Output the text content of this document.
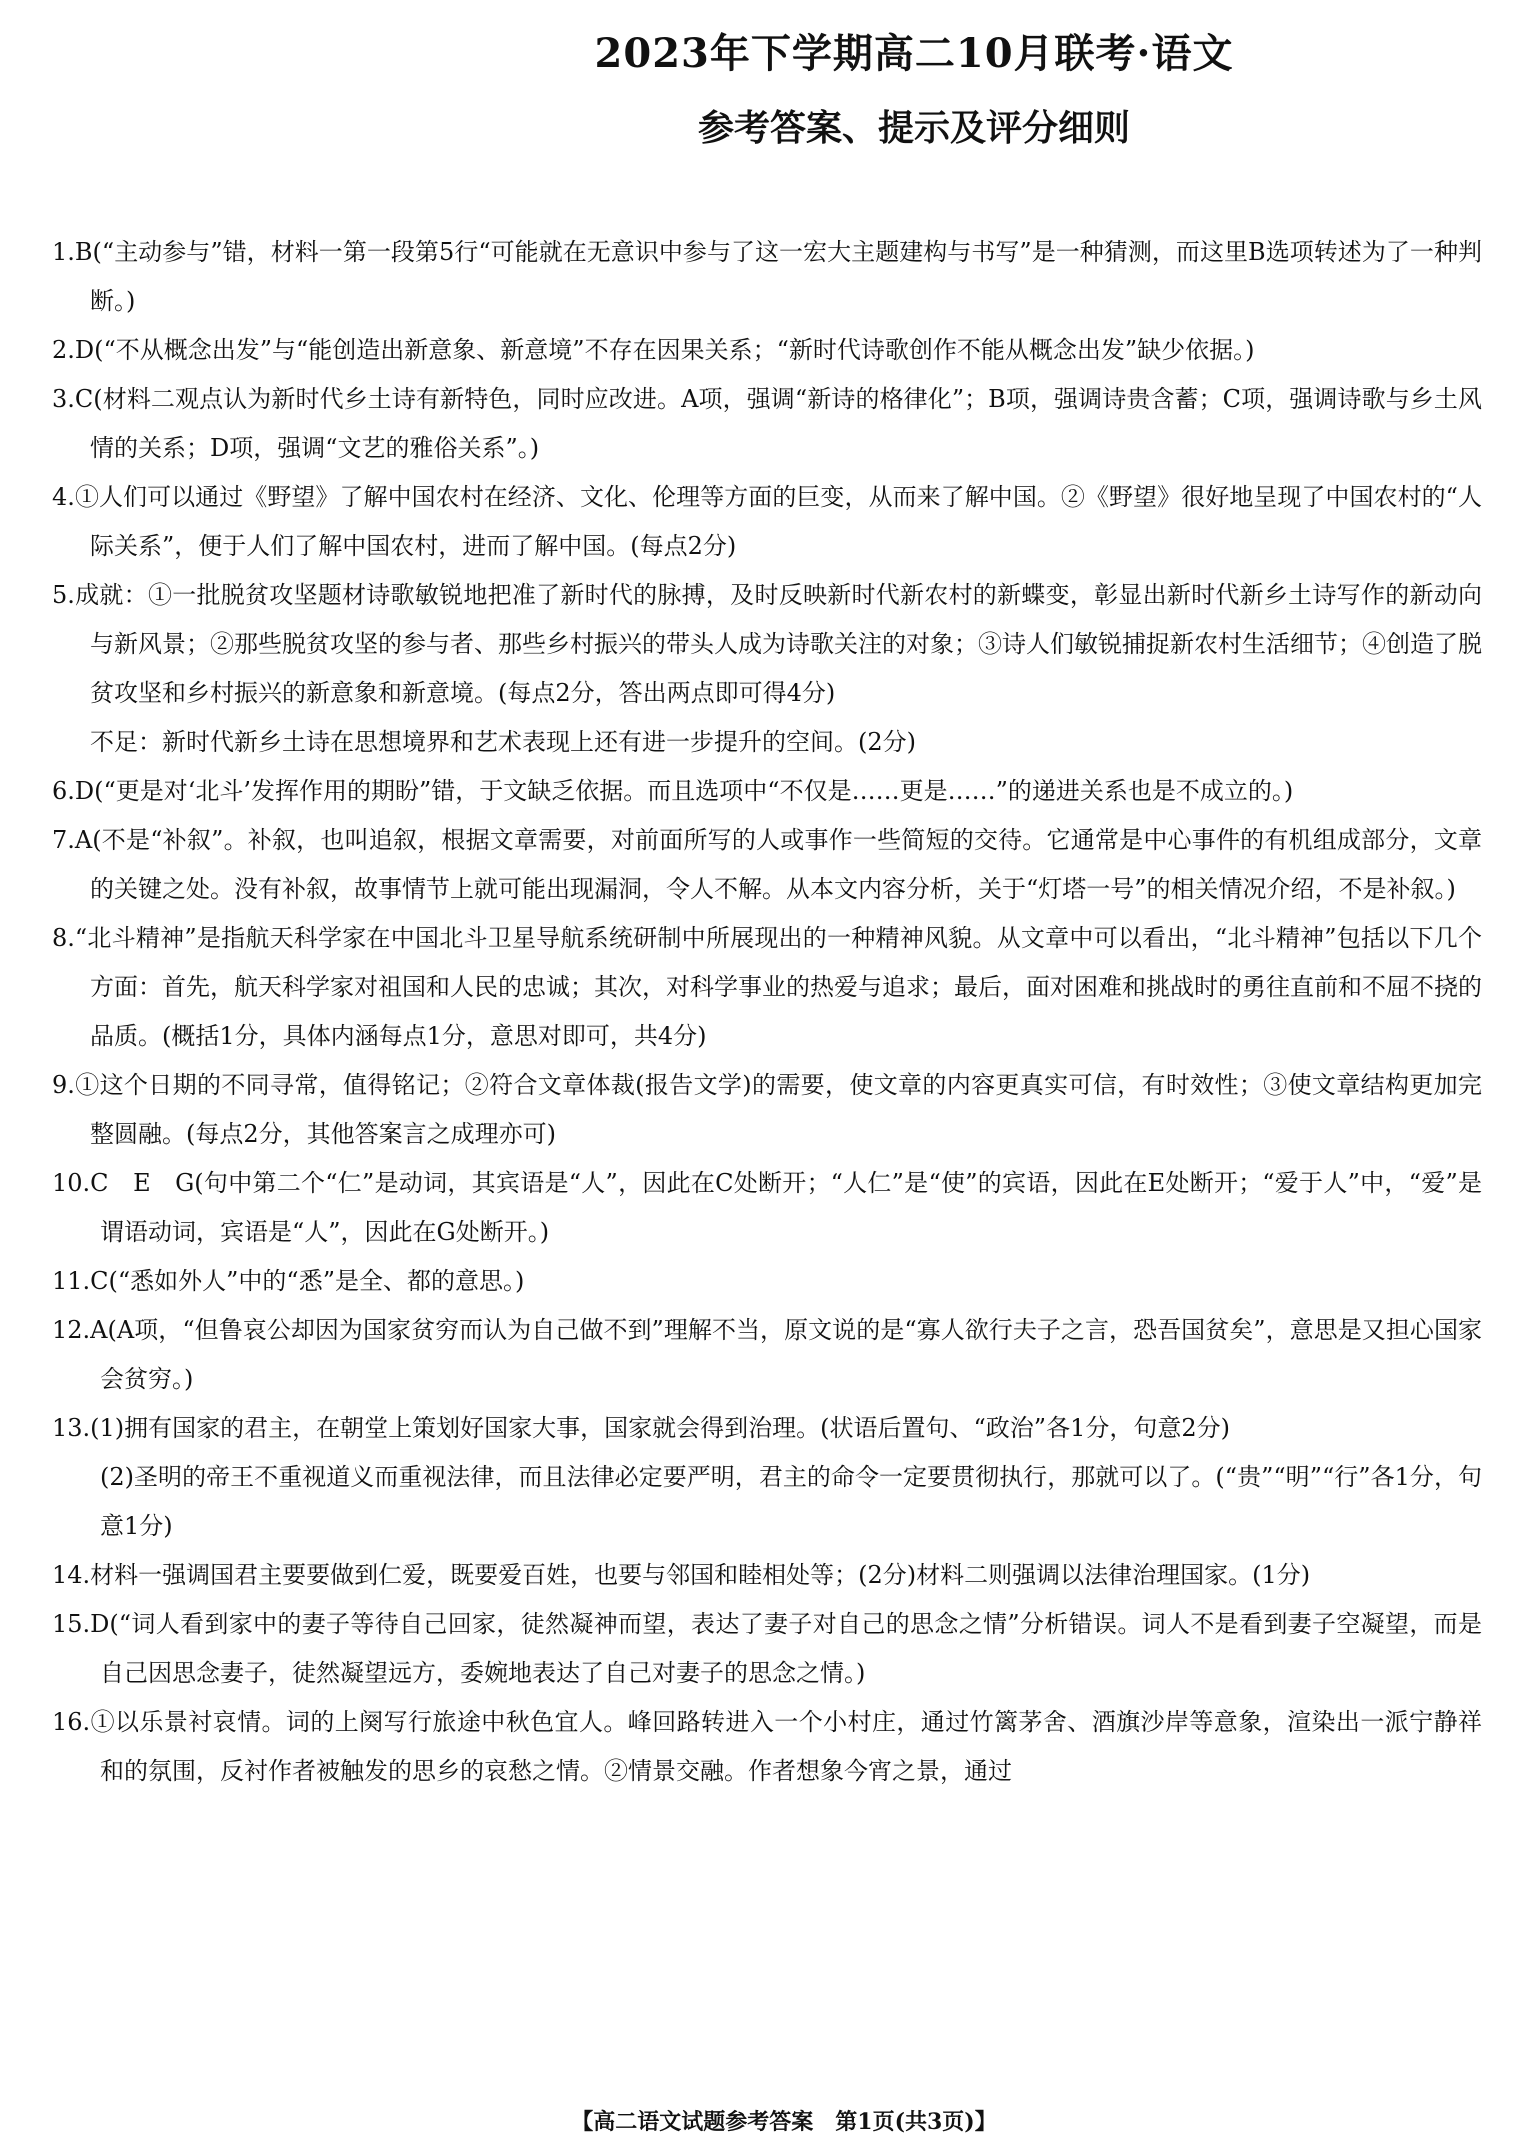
2023年下学期高二10月联考·语文
参考答案、提示及评分细则
1.B(“主动参与”错，材料一第一段第5行“可能就在无意识中参与了这一宏大主题建构与书写”是一种猜测，而这里B选项转述为了一种判断。)
2.D(“不从概念出发”与“能创造出新意象、新意境”不存在因果关系；“新时代诗歌创作不能从概念出发”缺少依据。)
3.C(材料二观点认为新时代乡土诗有新特色，同时应改进。A项，强调“新诗的格律化”；B项，强调诗贵含蓄；C项，强调诗歌与乡土风情的关系；D项，强调“文艺的雅俗关系”。)
4.①人们可以通过《野望》了解中国农村在经济、文化、伦理等方面的巨变，从而来了解中国。②《野望》很好地呈现了中国农村的“人际关系”，便于人们了解中国农村，进而了解中国。(每点2分)
5.成就：①一批脱贫攻坚题材诗歌敏锐地把准了新时代的脉搏，及时反映新时代新农村的新蝶变，彰显出新时代新乡土诗写作的新动向与新风景；②那些脱贫攻坚的参与者、那些乡村振兴的带头人成为诗歌关注的对象；③诗人们敏锐捕捉新农村生活细节；④创造了脱贫攻坚和乡村振兴的新意象和新意境。(每点2分，答出两点即可得4分)
不足：新时代新乡土诗在思想境界和艺术表现上还有进一步提升的空间。(2分)
6.D(“更是对‘北斗’发挥作用的期盼”错，于文缺乏依据。而且选项中“不仅是……更是……”的递进关系也是不成立的。)
7.A(不是“补叙”。补叙，也叫追叙，根据文章需要，对前面所写的人或事作一些简短的交待。它通常是中心事件的有机组成部分，文章的关键之处。没有补叙，故事情节上就可能出现漏洞，令人不解。从本文内容分析，关于“灯塔一号”的相关情况介绍，不是补叙。)
8.“北斗精神”是指航天科学家在中国北斗卫星导航系统研制中所展现出的一种精神风貌。从文章中可以看出，“北斗精神”包括以下几个方面：首先，航天科学家对祖国和人民的忠诚；其次，对科学事业的热爱与追求；最后，面对困难和挑战时的勇往直前和不屈不挠的品质。(概括1分，具体内涵每点1分，意思对即可，共4分)
9.①这个日期的不同寻常，值得铭记；②符合文章体裁(报告文学)的需要，使文章的内容更真实可信，有时效性；③使文章结构更加完整圆融。(每点2分，其他答案言之成理亦可)
10.C　E　G(句中第二个“仁”是动词，其宾语是“人”，因此在C处断开；“人仁”是“使”的宾语，因此在E处断开；“爱于人”中，“爱”是谓语动词，宾语是“人”，因此在G处断开。)
11.C(“悉如外人”中的“悉”是全、都的意思。)
12.A(A项，“但鲁哀公却因为国家贫穷而认为自己做不到”理解不当，原文说的是“寡人欲行夫子之言，恐吾国贫矣”，意思是又担心国家会贫穷。)
13.(1)拥有国家的君主，在朝堂上策划好国家大事，国家就会得到治理。(状语后置句、“政治”各1分，句意2分)
(2)圣明的帝王不重视道义而重视法律，而且法律必定要严明，君主的命令一定要贯彻执行，那就可以了。(“贵”“明”“行”各1分，句意1分)
14.材料一强调国君主要要做到仁爱，既要爱百姓，也要与邻国和睦相处等；(2分)材料二则强调以法律治理国家。(1分)
15.D(“词人看到家中的妻子等待自己回家，徒然凝神而望，表达了妻子对自己的思念之情”分析错误。词人不是看到妻子空凝望，而是自己因思念妻子，徒然凝望远方，委婉地表达了自己对妻子的思念之情。)
16.①以乐景衬哀情。词的上阕写行旅途中秋色宜人。峰回路转进入一个小村庄，通过竹篱茅舍、酒旗沙岸等意象，渲染出一派宁静祥和的氛围，反衬作者被触发的思乡的哀愁之情。②情景交融。作者想象今宵之景，通过
【高二语文试题参考答案　第1页(共3页)】
